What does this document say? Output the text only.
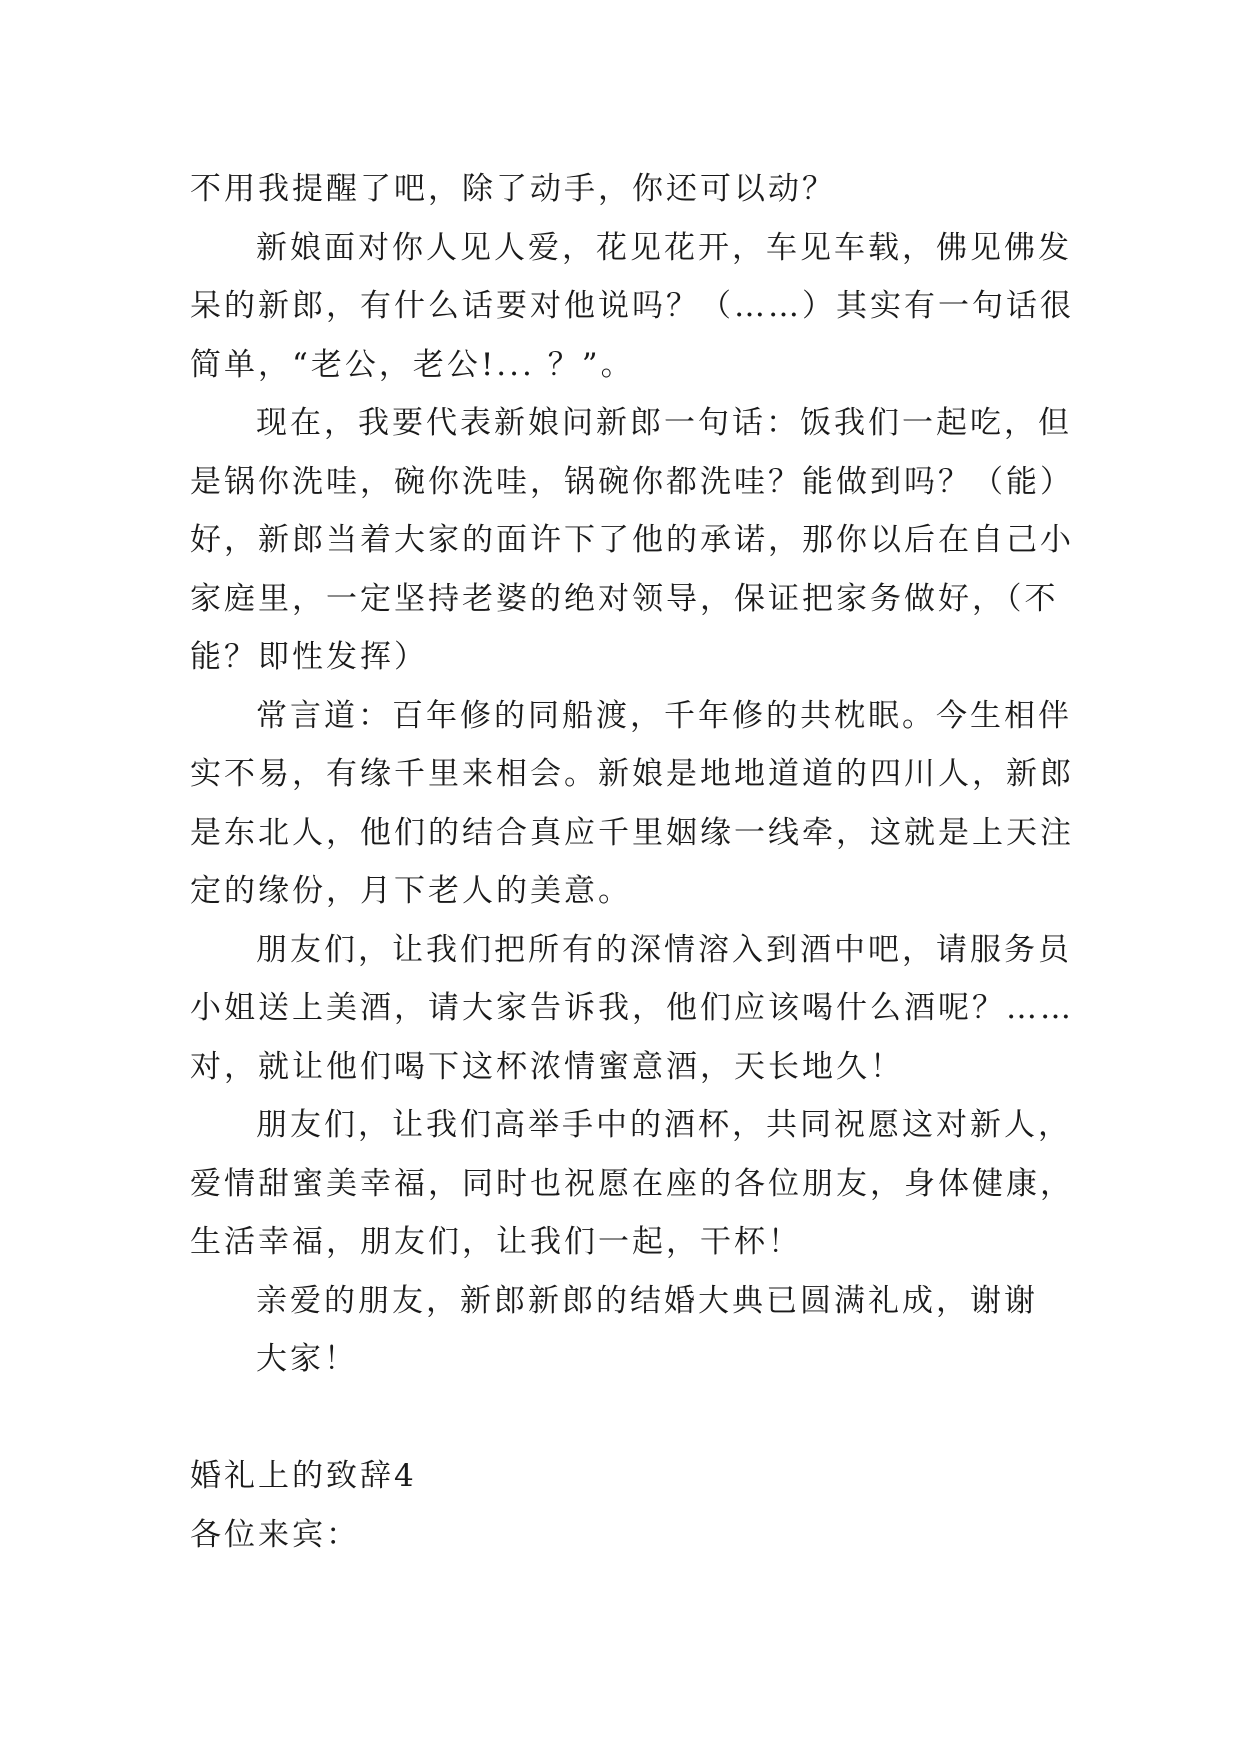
不用我提醒了吧，除了动手，你还可以动？
新娘面对你人见人爱，花见花开，车见车载，佛见佛发
呆的新郎，有什么话要对他说吗？（……）其实有一句话很
简单，“老公，老公!... ？”。
现在，我要代表新娘问新郎一句话：饭我们一起吃，但
是锅你洗哇，碗你洗哇，锅碗你都洗哇？能做到吗？（能）
好，新郎当着大家的面许下了他的承诺，那你以后在自己小
家庭里，一定坚持老婆的绝对领导，保证把家务做好，（不
能？即性发挥）
常言道：百年修的同船渡，千年修的共枕眠。今生相伴
实不易，有缘千里来相会。新娘是地地道道的四川人，新郎
是东北人，他们的结合真应千里姻缘一线牵，这就是上天注
定的缘份，月下老人的美意。
朋友们，让我们把所有的深情溶入到酒中吧，请服务员
小姐送上美酒，请大家告诉我，他们应该喝什么酒呢？……
对，就让他们喝下这杯浓情蜜意酒，天长地久！
朋友们，让我们高举手中的酒杯，共同祝愿这对新人，
爱情甜蜜美幸福，同时也祝愿在座的各位朋友，身体健康，
生活幸福，朋友们，让我们一起，干杯！
亲爱的朋友，新郎新郎的结婚大典已圆满礼成，谢谢
大家！
婚礼上的致辞4
各位来宾：
